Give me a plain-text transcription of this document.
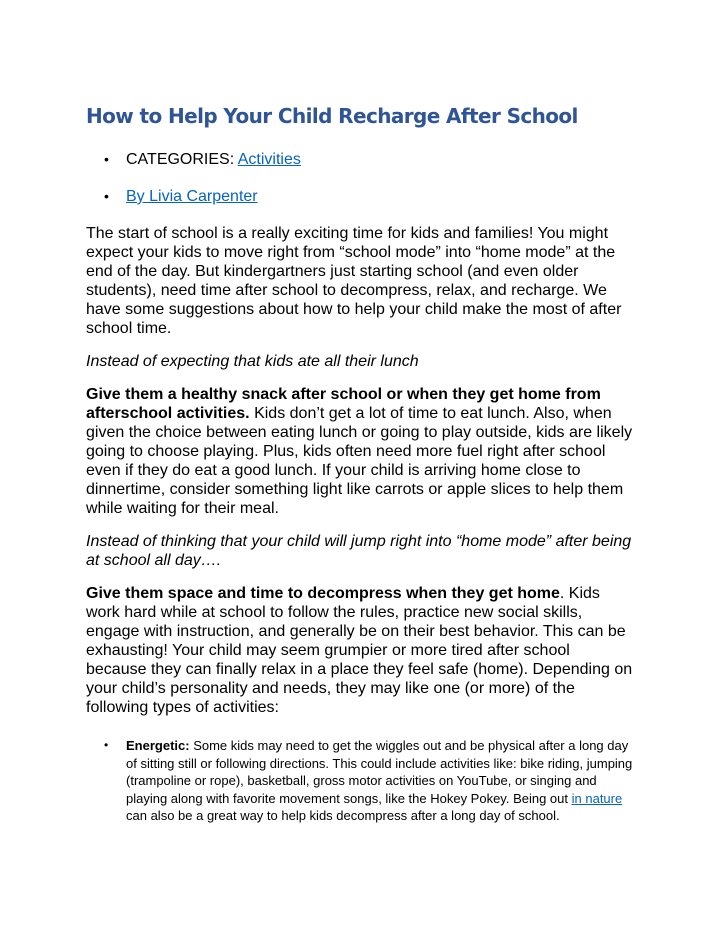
How to Help Your Child Recharge After School
• CATEGORIES: Activities
• By Livia Carpenter

The start of school is a really exciting time for kids and families! You might expect your kids to move right from “school mode” into “home mode” at the end of the day. But kindergartners just starting school (and even older students), need time after school to decompress, relax, and recharge. We have some suggestions about how to help your child make the most of after school time.

Instead of expecting that kids ate all their lunch

Give them a healthy snack after school or when they get home from afterschool activities. Kids don’t get a lot of time to eat lunch. Also, when given the choice between eating lunch or going to play outside, kids are likely going to choose playing. Plus, kids often need more fuel right after school even if they do eat a good lunch. If your child is arriving home close to dinnertime, consider something light like carrots or apple slices to help them while waiting for their meal.

Instead of thinking that your child will jump right into “home mode” after being at school all day….

Give them space and time to decompress when they get home. Kids work hard while at school to follow the rules, practice new social skills, engage with instruction, and generally be on their best behavior. This can be exhausting! Your child may seem grumpier or more tired after school because they can finally relax in a place they feel safe (home). Depending on your child’s personality and needs, they may like one (or more) of the following types of activities:

• Energetic: Some kids may need to get the wiggles out and be physical after a long day of sitting still or following directions. This could include activities like: bike riding, jumping (trampoline or rope), basketball, gross motor activities on YouTube, or singing and playing along with favorite movement songs, like the Hokey Pokey. Being out in nature can also be a great way to help kids decompress after a long day of school.
